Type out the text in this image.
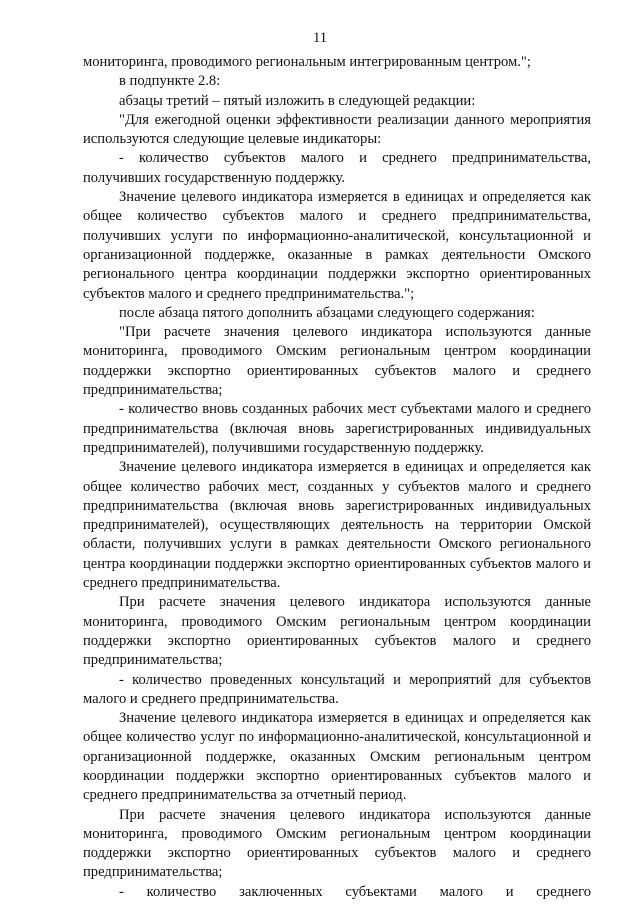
11

мониторинга, проводимого региональным интегрированным центром.";

в подпункте 2.8:

абзацы третий – пятый изложить в следующей редакции:

"Для ежегодной оценки эффективности реализации данного мероприятия используются следующие целевые индикаторы:

- количество субъектов малого и среднего предпринимательства, получивших государственную поддержку.

Значение целевого индикатора измеряется в единицах и определяется как общее количество субъектов малого и среднего предпринимательства, получивших услуги по информационно-аналитической, консультационной и организационной поддержке, оказанные в рамках деятельности Омского регионального центра координации поддержки экспортно ориентированных субъектов малого и среднего предпринимательства.";

после абзаца пятого дополнить абзацами следующего содержания:

"При расчете значения целевого индикатора используются данные мониторинга, проводимого Омским региональным центром координации поддержки экспортно ориентированных субъектов малого и среднего предпринимательства;

- количество вновь созданных рабочих мест субъектами малого и среднего предпринимательства (включая вновь зарегистрированных индивидуальных предпринимателей), получившими государственную поддержку.

Значение целевого индикатора измеряется в единицах и определяется как общее количество рабочих мест, созданных у субъектов малого и среднего предпринимательства (включая вновь зарегистрированных индивидуальных предпринимателей), осуществляющих деятельность на территории Омской области, получивших услуги в рамках деятельности Омского регионального центра координации поддержки экспортно ориентированных субъектов малого и среднего предпринимательства.

При расчете значения целевого индикатора используются данные мониторинга, проводимого Омским региональным центром координации поддержки экспортно ориентированных субъектов малого и среднего предпринимательства;

- количество проведенных консультаций и мероприятий для субъектов малого и среднего предпринимательства.

Значение целевого индикатора измеряется в единицах и определяется как общее количество услуг по информационно-аналитической, консультационной и организационной поддержке, оказанных Омским региональным центром координации поддержки экспортно ориентированных субъектов малого и среднего предпринимательства за отчетный период.

При расчете значения целевого индикатора используются данные мониторинга, проводимого Омским региональным центром координации поддержки экспортно ориентированных субъектов малого и среднего предпринимательства;

- количество заключенных субъектами малого и среднего
